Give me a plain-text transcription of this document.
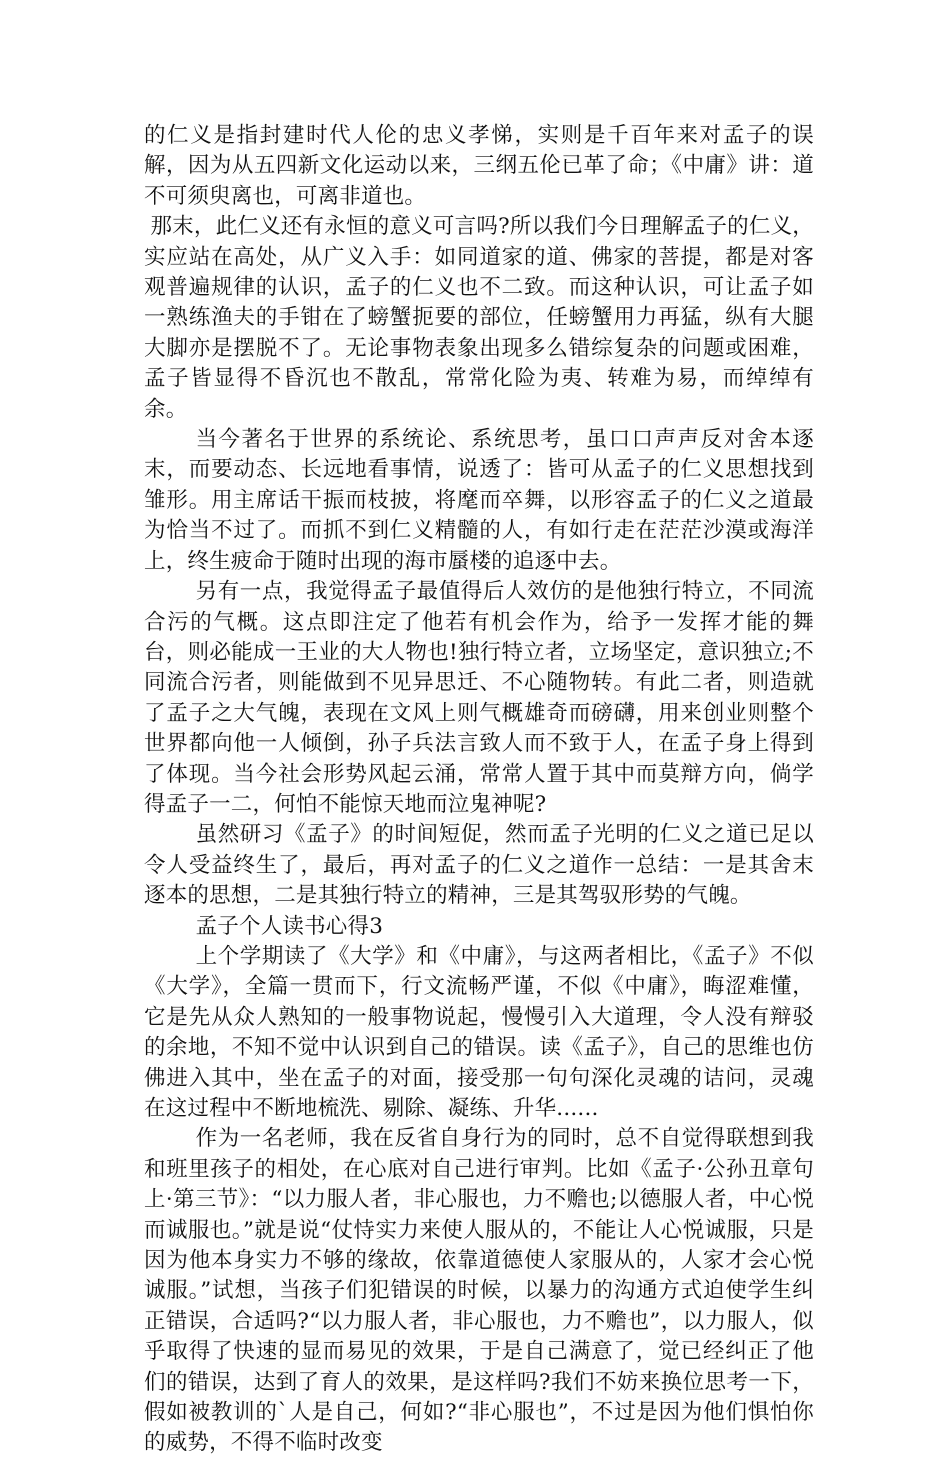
的仁义是指封建时代人伦的忠义孝悌，实则是千百年来对孟子的误解，因为从五四新文化运动以来，三纲五伦已革了命；《中庸》讲：道不可须臾离也，可离非道也。

那末，此仁义还有永恒的意义可言吗?所以我们今日理解孟子的仁义，实应站在高处，从广义入手：如同道家的道、佛家的菩提，都是对客观普遍规律的认识，孟子的仁义也不二致。而这种认识，可让孟子如一熟练渔夫的手钳在了螃蟹扼要的部位，任螃蟹用力再猛，纵有大腿大脚亦是摆脱不了。无论事物表象出现多么错综复杂的问题或困难，孟子皆显得不昏沉也不散乱，常常化险为夷、转难为易，而绰绰有余。

当今著名于世界的系统论、系统思考，虽口口声声反对舍本逐末，而要动态、长远地看事情，说透了：皆可从孟子的仁义思想找到雏形。用主席话干振而枝披，将麾而卒舞，以形容孟子的仁义之道最为恰当不过了。而抓不到仁义精髓的人，有如行走在茫茫沙漠或海洋上，终生疲命于随时出现的海市蜃楼的追逐中去。

另有一点，我觉得孟子最值得后人效仿的是他独行特立，不同流合污的气概。这点即注定了他若有机会作为，给予一发挥才能的舞台，则必能成一王业的大人物也!独行特立者，立场坚定，意识独立;不同流合污者，则能做到不见异思迁、不心随物转。有此二者，则造就了孟子之大气魄，表现在文风上则气概雄奇而磅礴，用来创业则整个世界都向他一人倾倒，孙子兵法言致人而不致于人，在孟子身上得到了体现。当今社会形势风起云涌，常常人置于其中而莫辩方向，倘学得孟子一二，何怕不能惊天地而泣鬼神呢?

虽然研习《孟子》的时间短促，然而孟子光明的仁义之道已足以令人受益终生了，最后，再对孟子的仁义之道作一总结：一是其舍末逐本的思想，二是其独行特立的精神，三是其驾驭形势的气魄。

孟子个人读书心得3

上个学期读了《大学》和《中庸》，与这两者相比，《孟子》不似《大学》，全篇一贯而下，行文流畅严谨，不似《中庸》，晦涩难懂，它是先从众人熟知的一般事物说起，慢慢引入大道理，令人没有辩驳的余地，不知不觉中认识到自己的错误。读《孟子》，自己的思维也仿佛进入其中，坐在孟子的对面，接受那一句句深化灵魂的诘问，灵魂在这过程中不断地梳洗、剔除、凝练、升华......

作为一名老师，我在反省自身行为的同时，总不自觉得联想到我和班里孩子的相处，在心底对自己进行审判。比如《孟子·公孙丑章句上·第三节》：“以力服人者，非心服也，力不赡也;以德服人者，中心悦而诚服也。”就是说“仗恃实力来使人服从的，不能让人心悦诚服，只是因为他本身实力不够的缘故，依靠道德使人家服从的，人家才会心悦诚服。”试想，当孩子们犯错误的时候，以暴力的沟通方式迫使学生纠正错误，合适吗?“以力服人者，非心服也，力不赡也”，以力服人，似乎取得了快速的显而易见的效果，于是自己满意了，觉已经纠正了他们的错误，达到了育人的效果，是这样吗?我们不妨来换位思考一下，假如被教训的`人是自己，何如?“非心服也”，不过是因为他们惧怕你的威势，不得不临时改变
